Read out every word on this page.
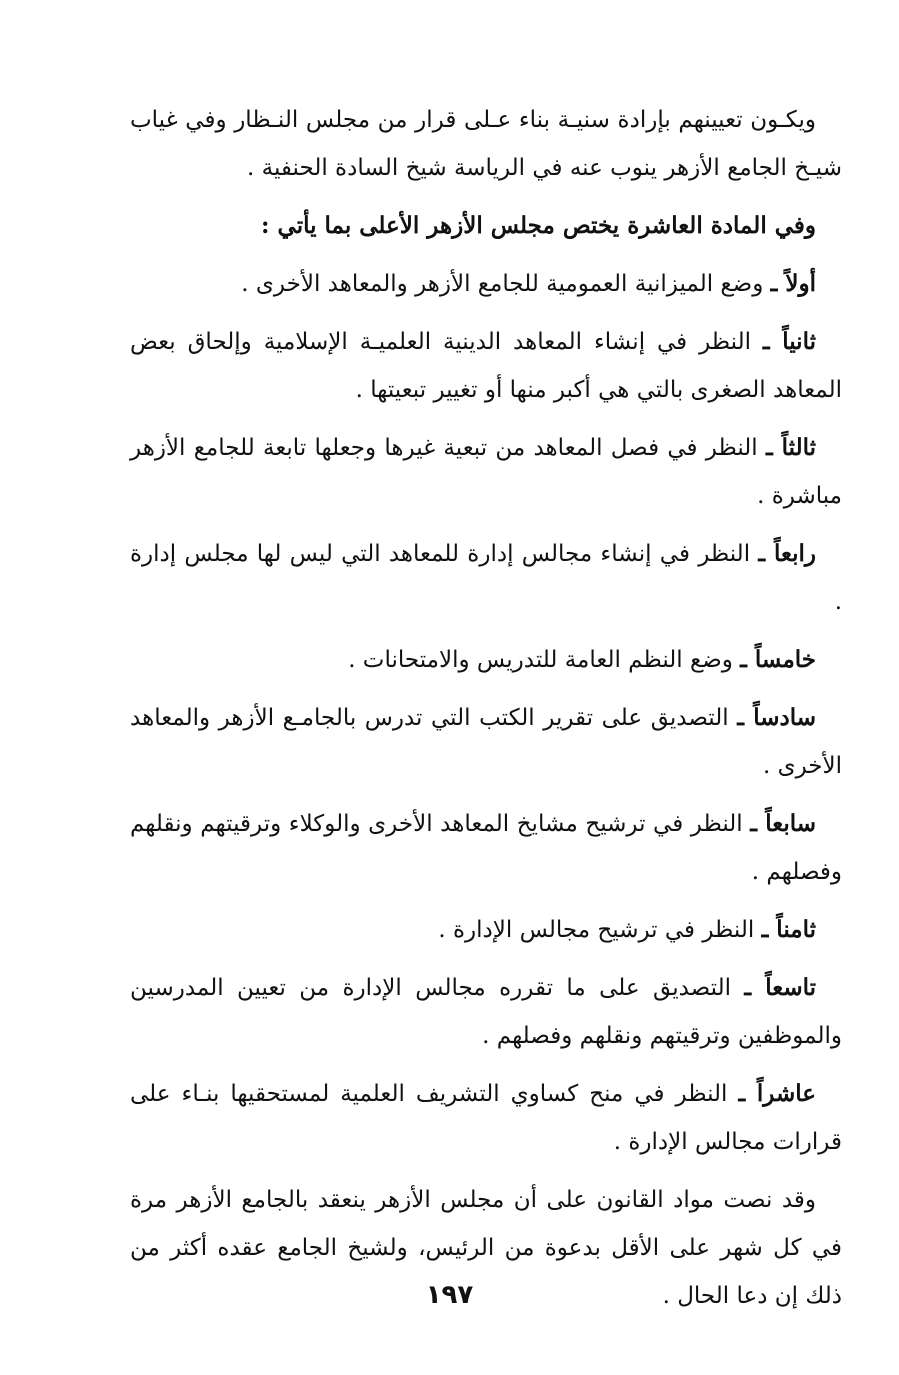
ويكـون تعيينهم بإرادة سنيـة بناء عـلى قرار من مجلس النـظار وفي غياب شيـخ الجامع الأزهر ينوب عنه في الرياسة شيخ السادة الحنفية .

وفي المادة العاشرة يختص مجلس الأزهر الأعلى بما يأتي :

أولاً ـ وضع الميزانية العمومية للجامع الأزهر والمعاهد الأخرى .

ثانياً ـ النظر في إنشاء المعاهد الدينية العلميـة الإسلامية وإلحاق بعض المعاهد الصغرى بالتي هي أكبر منها أو تغيير تبعيتها .

ثالثاً ـ النظر في فصل المعاهد من تبعية غيرها وجعلها تابعة للجامع الأزهر مباشرة .

رابعاً ـ النظر في إنشاء مجالس إدارة للمعاهد التي ليس لها مجلس إدارة .

خامساً ـ وضع النظم العامة للتدريس والامتحانات .

سادساً ـ التصديق على تقرير الكتب التي تدرس بالجامـع الأزهر والمعاهد الأخرى .

سابعاً ـ النظر في ترشيح مشايخ المعاهد الأخرى والوكلاء وترقيتهم ونقلهم وفصلهم .

ثامناً ـ النظر في ترشيح مجالس الإدارة .

تاسعاً ـ التصديق على ما تقرره مجالس الإدارة من تعيين المدرسين والموظفين وترقيتهم ونقلهم وفصلهم .

عاشراً ـ النظر في منح كساوي التشريف العلمية لمستحقيها بنـاء على قرارات مجالس الإدارة .

وقد نصت مواد القانون على أن مجلس الأزهر ينعقد بالجامع الأزهر مرة في كل شهر على الأقل بدعوة من الرئيس، ولشيخ الجامع عقده أكثر من ذلك إن دعا الحال .

١٩٧
